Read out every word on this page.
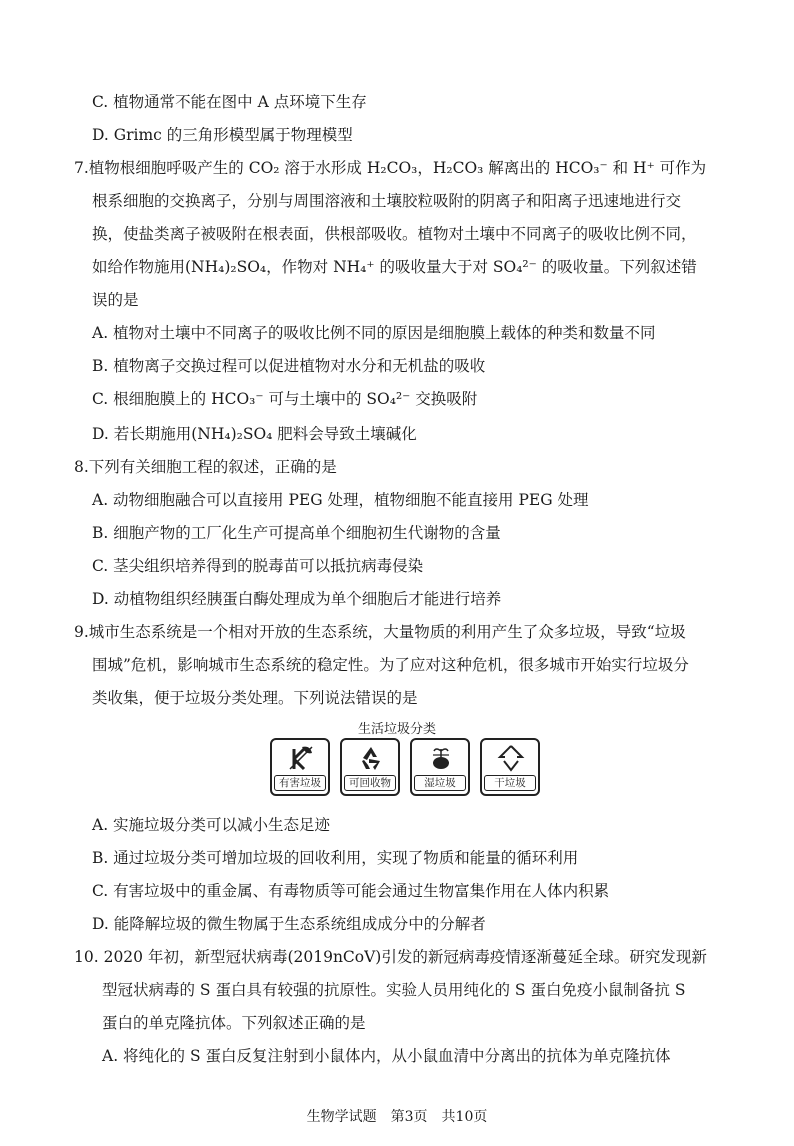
C. 植物通常不能在图中 A 点环境下生存
D. Grimc 的三角形模型属于物理模型
7.植物根细胞呼吸产生的 CO₂ 溶于水形成 H₂CO₃，H₂CO₃ 解离出的 HCO₃⁻ 和 H⁺ 可作为
根系细胞的交换离子，分别与周围溶液和土壤胶粒吸附的阴离子和阳离子迅速地进行交
换，使盐类离子被吸附在根表面，供根部吸收。植物对土壤中不同离子的吸收比例不同，
如给作物施用(NH₄)₂SO₄，作物对 NH₄⁺ 的吸收量大于对 SO₄²⁻ 的吸收量。下列叙述错
误的是
A. 植物对土壤中不同离子的吸收比例不同的原因是细胞膜上载体的种类和数量不同
B. 植物离子交换过程可以促进植物对水分和无机盐的吸收
C. 根细胞膜上的 HCO₃⁻ 可与土壤中的 SO₄²⁻ 交换吸附
D. 若长期施用(NH₄)₂SO₄ 肥料会导致土壤碱化
8.下列有关细胞工程的叙述，正确的是
A. 动物细胞融合可以直接用 PEG 处理，植物细胞不能直接用 PEG 处理
B. 细胞产物的工厂化生产可提高单个细胞初生代谢物的含量
C. 茎尖组织培养得到的脱毒苗可以抵抗病毒侵染
D. 动植物组织经胰蛋白酶处理成为单个细胞后才能进行培养
9.城市生态系统是一个相对开放的生态系统，大量物质的利用产生了众多垃圾，导致“垃圾
围城”危机，影响城市生态系统的稳定性。为了应对这种危机，很多城市开始实行垃圾分
类收集，便于垃圾分类处理。下列说法错误的是
生活垃圾分类
有害垃圾	可回收物	湿垃圾	干垃圾
A. 实施垃圾分类可以减小生态足迹
B. 通过垃圾分类可增加垃圾的回收利用，实现了物质和能量的循环利用
C. 有害垃圾中的重金属、有毒物质等可能会通过生物富集作用在人体内积累
D. 能降解垃圾的微生物属于生态系统组成成分中的分解者
10. 2020 年初，新型冠状病毒(2019nCoV)引发的新冠病毒疫情逐渐蔓延全球。研究发现新
型冠状病毒的 S 蛋白具有较强的抗原性。实验人员用纯化的 S 蛋白免疫小鼠制备抗 S
蛋白的单克隆抗体。下列叙述正确的是
A. 将纯化的 S 蛋白反复注射到小鼠体内，从小鼠血清中分离出的抗体为单克隆抗体
生物学试题　第3页　共10页
